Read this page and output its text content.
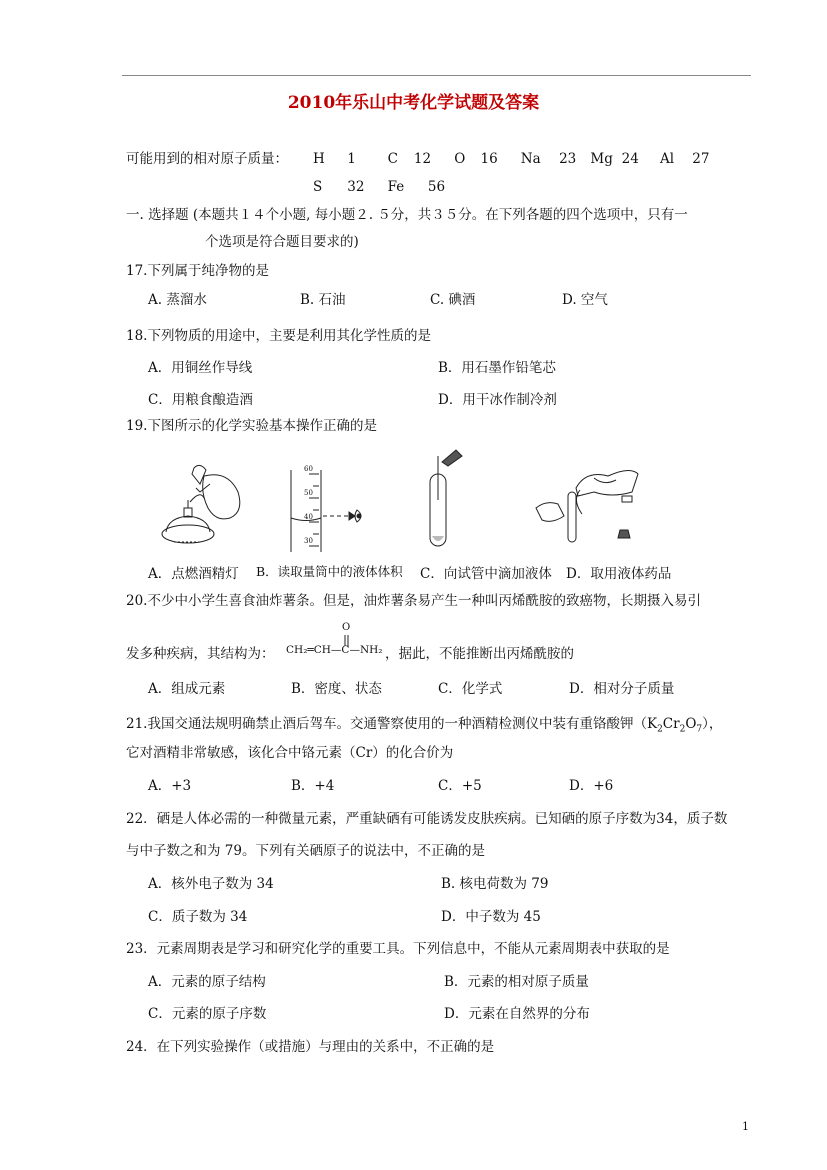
2010年乐山中考化学试题及答案
可能用到的相对原子质量： H 1 C 12 O 16 Na 23 Mg 24 Al 27
S 32 Fe 56
一. 选择题 (本题共１４个小题, 每小题２. ５分，共３５分。在下列各题的四个选项中，只有一
个选项是符合题目要求的)
17.下列属于纯净物的是
A. 蒸溜水	B. 石油	C. 碘酒	D. 空气
18.下列物质的用途中，主要是利用其化学性质的是
A．用铜丝作导线	B．用石墨作铅笔芯
C．用粮食酿造酒	D．用干冰作制冷剂
19.下图所示的化学实验基本操作正确的是
60
50
40
30
A．点燃酒精灯 B．读取量筒中的液体体积 C．向试管中滴加液体 D．取用液体药品
20.不少中小学生喜食油炸薯条。但是，油炸薯条易产生一种叫丙烯酰胺的致癌物，长期摄入易引
发多种疾病，其结构为：
O
CH₂═CH—C—NH₂ ，据此，不能推断出丙烯酰胺的
A．组成元素	B．密度、状态	C．化学式	D．相对分子质量
21.我国交通法规明确禁止酒后驾车。交通警察使用的一种酒精检测仪中装有重铬酸钾$(K_2Cr_2O_7)$，
它对酒精非常敏感，该化合中铬元素（Cr）的化合价为
A．+3	B．+4	C．+5	D．+6
22．硒是人体必需的一种微量元素，严重缺硒有可能诱发皮肤疾病。已知硒的原子序数为34，质子数
与中子数之和为 79。下列有关硒原子的说法中，不正确的是
A．核外电子数为 34	B. 核电荷数为 79
C．质子数为 34	D．中子数为 45
23．元素周期表是学习和研究化学的重要工具。下列信息中，不能从元素周期表中获取的是
A．元素的原子结构	B．元素的相对原子质量
C．元素的原子序数	D．元素在自然界的分布
24．在下列实验操作（或措施）与理由的关系中，不正确的是
1
